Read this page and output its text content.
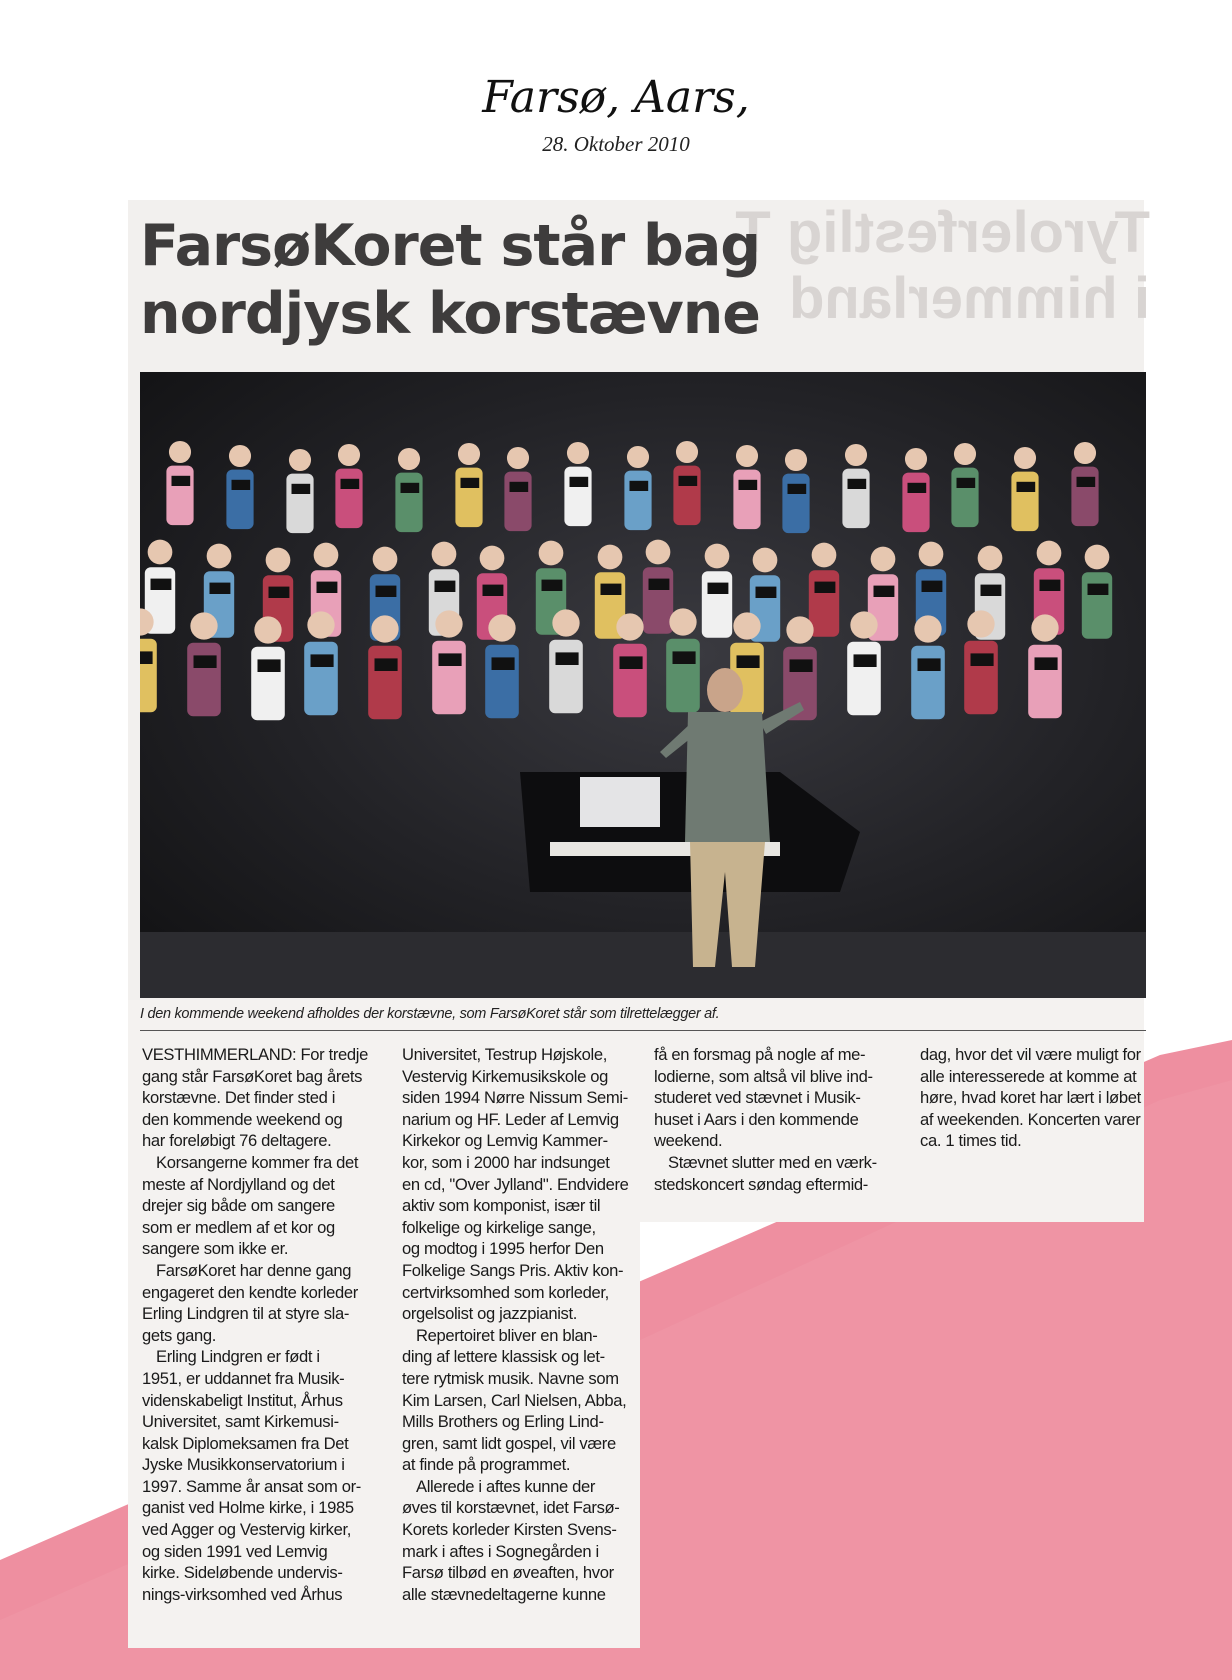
Farsø, Aars,
28. Oktober 2010
Tyrolerfestlig T
i himmerland
FarsøKoret står bag
nordjysk korstævne
I den kommende weekend afholdes der korstævne, som FarsøKoret står som tilrettelægger af.

VESTHIMMERLAND: For tredje

gang står FarsøKoret bag årets

korstævne. Det finder sted i

den kommende weekend og

har foreløbigt 76 deltagere.

Korsangerne kommer fra det

meste af Nordjylland og det

drejer sig både om sangere

som er medlem af et kor og

sangere som ikke er.

FarsøKoret har denne gang

engageret den kendte korleder

Erling Lindgren til at styre sla-

gets gang.

Erling Lindgren er født i

1951, er uddannet fra Musik-

videnskabeligt Institut, Århus

Universitet, samt Kirkemusi-

kalsk Diplomeksamen fra Det

Jyske Musikkonservatorium i

1997. Samme år ansat som or-

ganist ved Holme kirke, i 1985

ved Agger og Vestervig kirker,

og siden 1991 ved Lemvig

kirke. Sideløbende undervis-

nings-virksomhed ved Århus

Universitet, Testrup Højskole,

Vestervig Kirkemusikskole og

siden 1994 Nørre Nissum Semi-

narium og HF. Leder af Lemvig

Kirkekor og Lemvig Kammer-

kor, som i 2000 har indsunget

en cd, "Over Jylland". Endvidere

aktiv som komponist, især til

folkelige og kirkelige sange,

og modtog i 1995 herfor Den

Folkelige Sangs Pris. Aktiv kon-

certvirksomhed som korleder,

orgelsolist og jazzpianist.

Repertoiret bliver en blan-

ding af lettere klassisk og let-

tere rytmisk musik. Navne som

Kim Larsen, Carl Nielsen, Abba,

Mills Brothers og Erling Lind-

gren, samt lidt gospel, vil være

at finde på programmet.

Allerede i aftes kunne der

øves til korstævnet, idet Farsø-

Korets korleder Kirsten Svens-

mark i aftes i Sognegården i

Farsø tilbød en øveaften, hvor

alle stævnedeltagerne kunne

få en forsmag på nogle af me-

lodierne, som altså vil blive ind-

studeret ved stævnet i Musik-

huset i Aars i den kommende

weekend.

Stævnet slutter med en værk-

stedskoncert søndag eftermid-

dag, hvor det vil være muligt for

alle interesserede at komme at

høre, hvad koret har lært i løbet

af weekenden. Koncerten varer

ca. 1 times tid.
